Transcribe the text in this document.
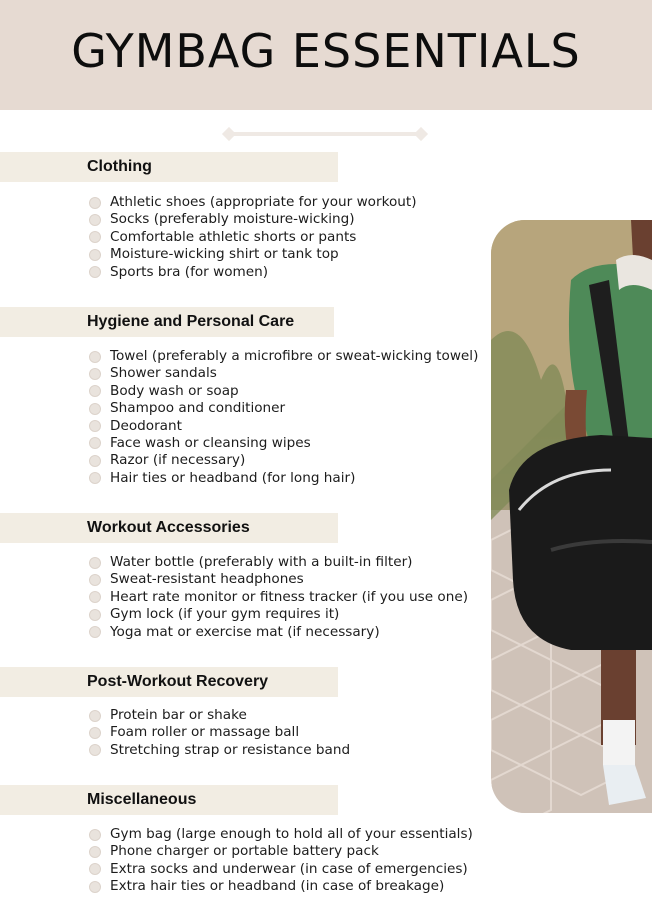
GYMBAG ESSENTIALS
Clothing
Athletic shoes (appropriate for your workout)
Socks (preferably moisture-wicking)
Comfortable athletic shorts or pants
Moisture-wicking shirt or tank top
Sports bra (for women)
Hygiene and Personal Care
Towel (preferably a microfibre or sweat-wicking towel)
Shower sandals
Body wash or soap
Shampoo and conditioner
Deodorant
Face wash or cleansing wipes
Razor (if necessary)
Hair ties or headband (for long hair)
Workout Accessories
Water bottle (preferably with a built-in filter)
Sweat-resistant headphones
Heart rate monitor or fitness tracker (if you use one)
Gym lock (if your gym requires it)
Yoga mat or exercise mat (if necessary)
Post-Workout Recovery
Protein bar or shake
Foam roller or massage ball
Stretching strap or resistance band
Miscellaneous
Gym bag (large enough to hold all of your essentials)
Phone charger or portable battery pack
Extra socks and underwear (in case of emergencies)
Extra hair ties or headband (in case of breakage)
